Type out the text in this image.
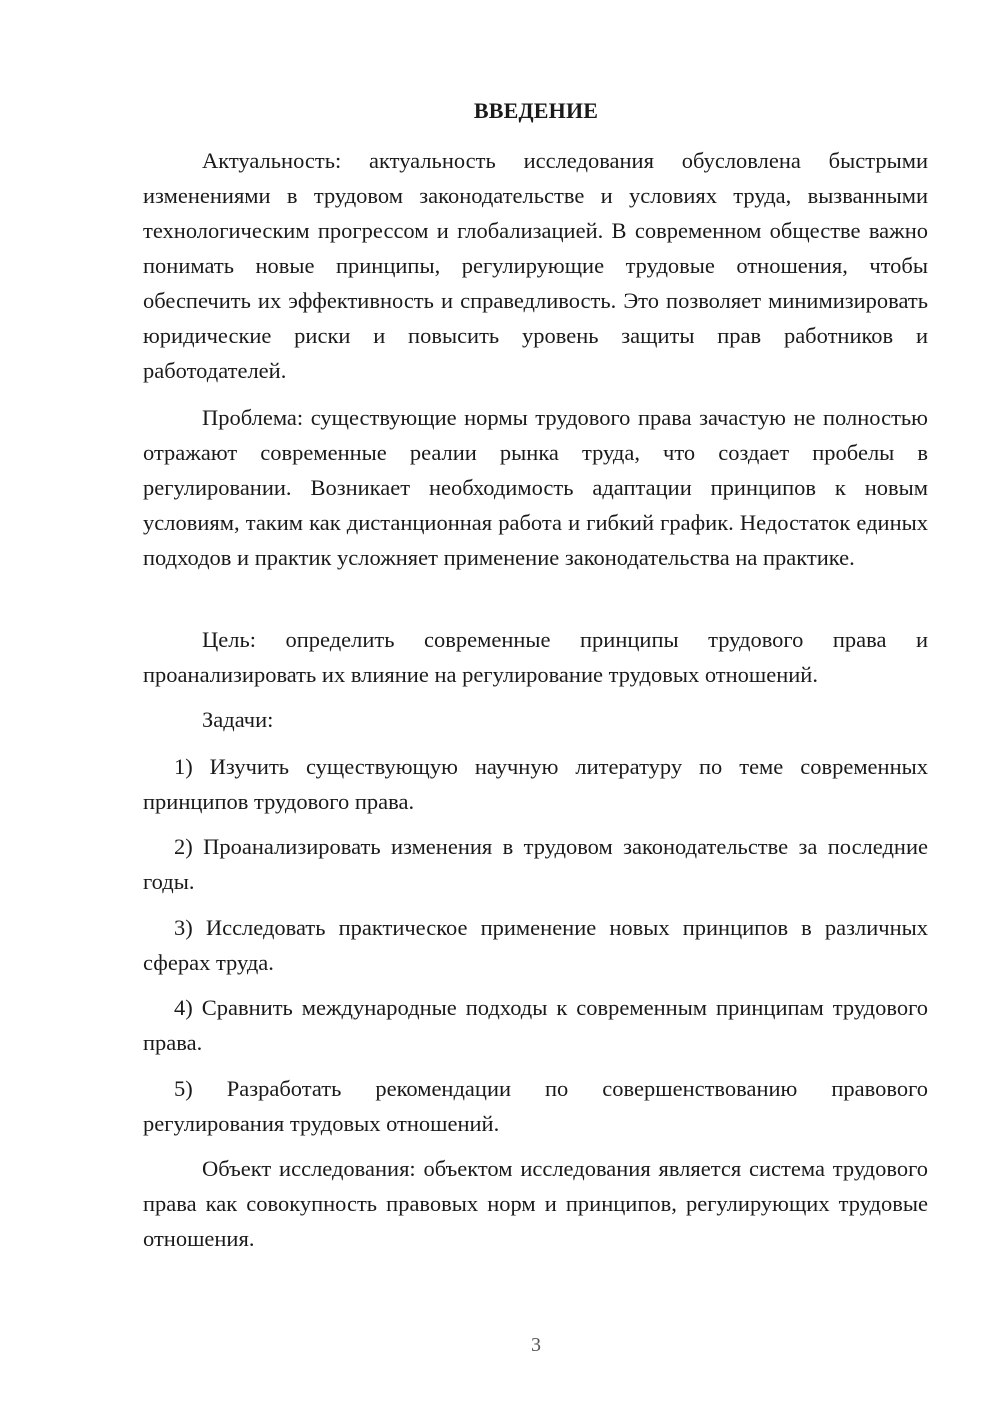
ВВЕДЕНИЕ

Актуальность: актуальность исследования обусловлена быстрыми изменениями в трудовом законодательстве и условиях труда, вызванными технологическим прогрессом и глобализацией. В современном обществе важно понимать новые принципы, регулирующие трудовые отношения, чтобы обеспечить их эффективность и справедливость. Это позволяет минимизировать юридические риски и повысить уровень защиты прав работников и работодателей.

Проблема: существующие нормы трудового права зачастую не полностью отражают современные реалии рынка труда, что создает пробелы в регулировании. Возникает необходимость адаптации принципов к новым условиям, таким как дистанционная работа и гибкий график. Недостаток единых подходов и практик усложняет применение законодательства на практике.

Цель: определить современные принципы трудового права и проанализировать их влияние на регулирование трудовых отношений.

Задачи:

1) Изучить существующую научную литературу по теме современных принципов трудового права.

2) Проанализировать изменения в трудовом законодательстве за последние годы.

3) Исследовать практическое применение новых принципов в различных сферах труда.

4) Сравнить международные подходы к современным принципам трудового права.

5) Разработать рекомендации по совершенствованию правового регулирования трудовых отношений.

Объект исследования: объектом исследования является система трудового права как совокупность правовых норм и принципов, регулирующих трудовые отношения.

3
